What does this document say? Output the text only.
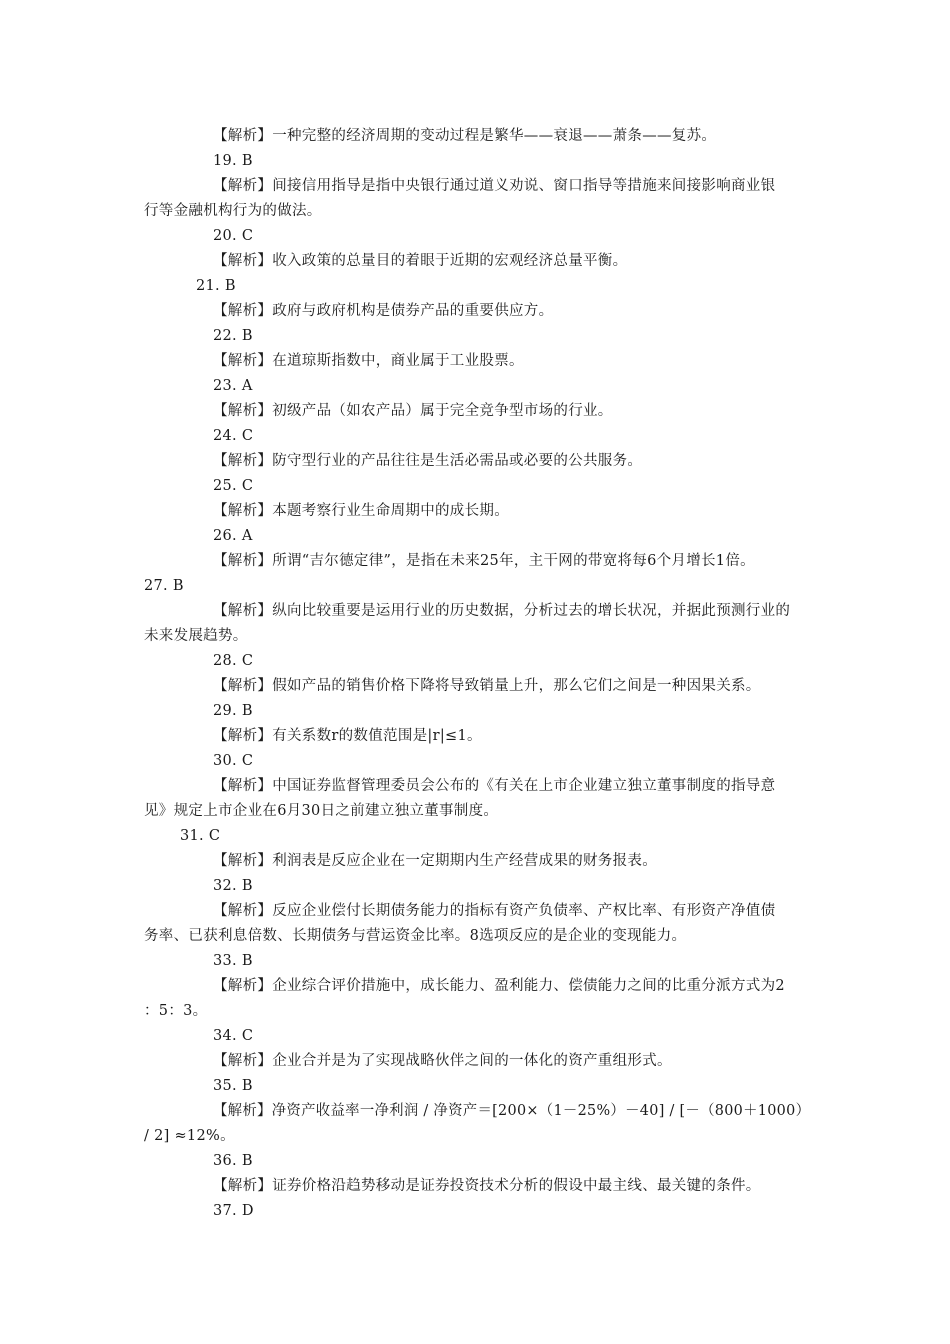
【解析】一种完整的经济周期的变动过程是繁华——衰退——萧条——复苏。
19. B
【解析】间接信用指导是指中央银行通过道义劝说、窗口指导等措施来间接影响商业银
行等金融机构行为的做法。
20. C
【解析】收入政策的总量目的着眼于近期的宏观经济总量平衡。
21. B
【解析】政府与政府机构是债券产品的重要供应方。
22. B
【解析】在道琼斯指数中，商业属于工业股票。
23. A
【解析】初级产品（如农产品）属于完全竞争型市场的行业。
24. C
【解析】防守型行业的产品往往是生活必需品或必要的公共服务。
25. C
【解析】本题考察行业生命周期中的成长期。
26. A
【解析】所谓“吉尔德定律”，是指在未来25年，主干网的带宽将每6个月增长1倍。
27. B
【解析】纵向比较重要是运用行业的历史数据，分析过去的增长状况，并据此预测行业的
未来发展趋势。
28. C
【解析】假如产品的销售价格下降将导致销量上升，那么它们之间是一种因果关系。
29. B
【解析】有关系数r的数值范围是|r|≤1。
30. C
【解析】中国证券监督管理委员会公布的《有关在上市企业建立独立董事制度的指导意
见》规定上市企业在6月30日之前建立独立董事制度。
31. C
【解析】利润表是反应企业在一定期期内生产经营成果的财务报表。
32. B
【解析】反应企业偿付长期债务能力的指标有资产负债率、产权比率、有形资产净值债
务率、已获利息倍数、长期债务与营运资金比率。8选项反应的是企业的变现能力。
33. B
【解析】企业综合评价措施中，成长能力、盈利能力、偿债能力之间的比重分派方式为2
：5：3。
34. C
【解析】企业合并是为了实现战略伙伴之间的一体化的资产重组形式。
35. B
【解析】净资产收益率一净利润 / 净资产＝[200×（1－25%）－40] / [－（800＋1000）
/ 2] ≈12%。
36. B
【解析】证券价格沿趋势移动是证券投资技术分析的假设中最主线、最关键的条件。
37. D
